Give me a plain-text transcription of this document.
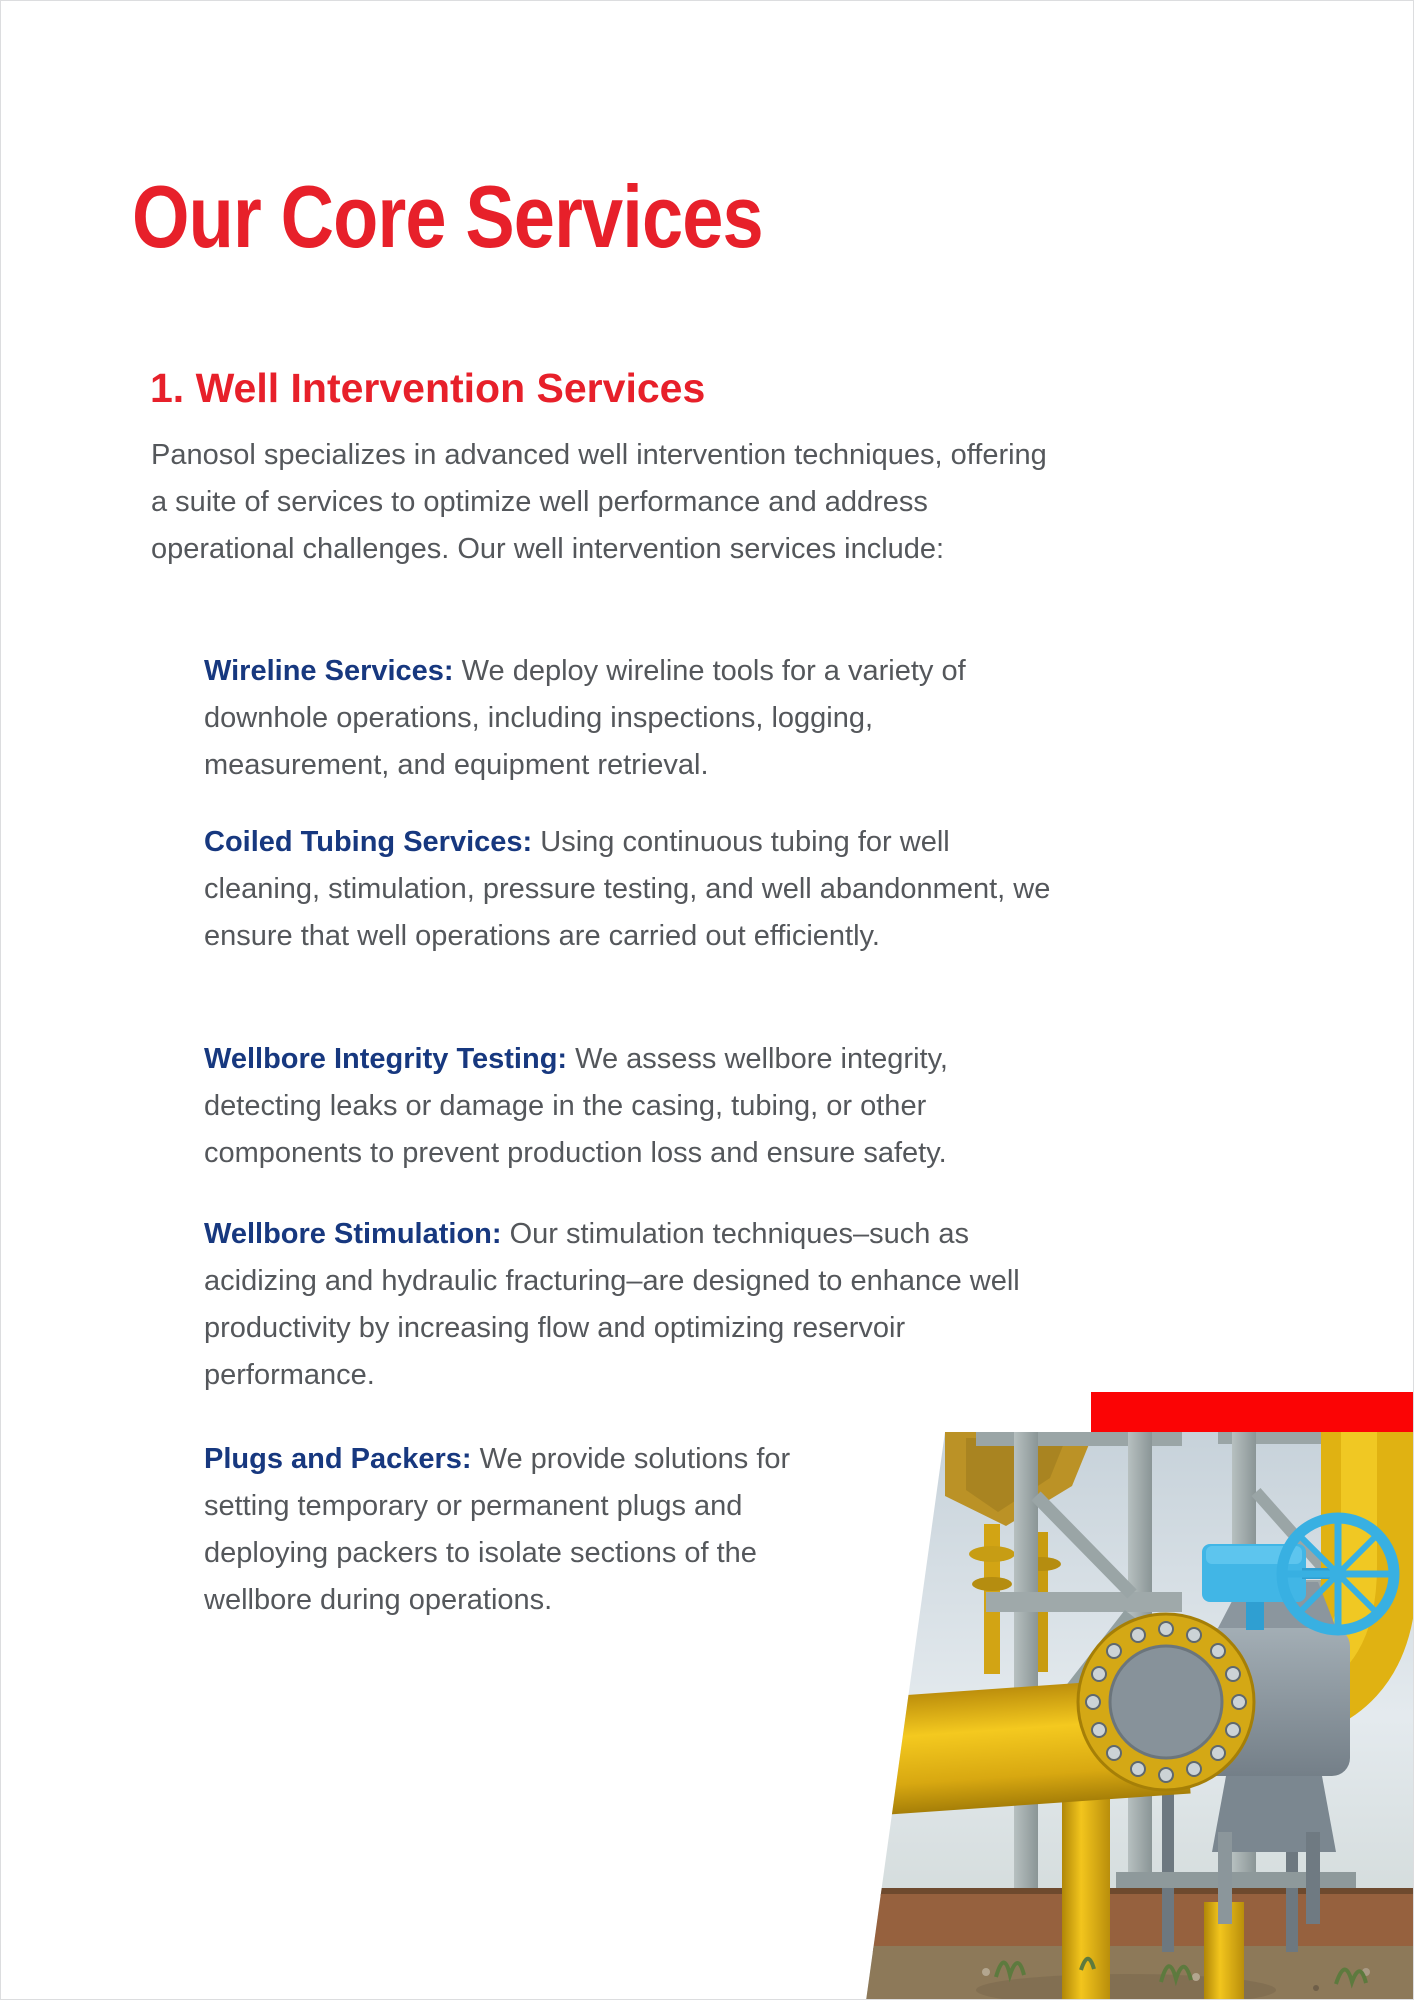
Our Core Services
1. Well Intervention Services

Panosol specializes in advanced well intervention techniques, offering a suite of services to optimize well performance and address operational challenges. Our well intervention services include:

Wireline Services: We deploy wireline tools for a variety of downhole operations, including inspections, logging, measurement, and equipment retrieval.

Coiled Tubing Services: Using continuous tubing for well cleaning, stimulation, pressure testing, and well abandonment, we ensure that well operations are carried out efficiently.

Wellbore Integrity Testing: We assess wellbore integrity, detecting leaks or damage in the casing, tubing, or other components to prevent production loss and ensure safety.

Wellbore Stimulation: Our stimulation techniques–such as acidizing and hydraulic fracturing–are designed to enhance well productivity by increasing flow and optimizing reservoir performance.

Plugs and Packers: We provide solutions for setting temporary or permanent plugs and deploying packers to isolate sections of the wellbore during operations.
